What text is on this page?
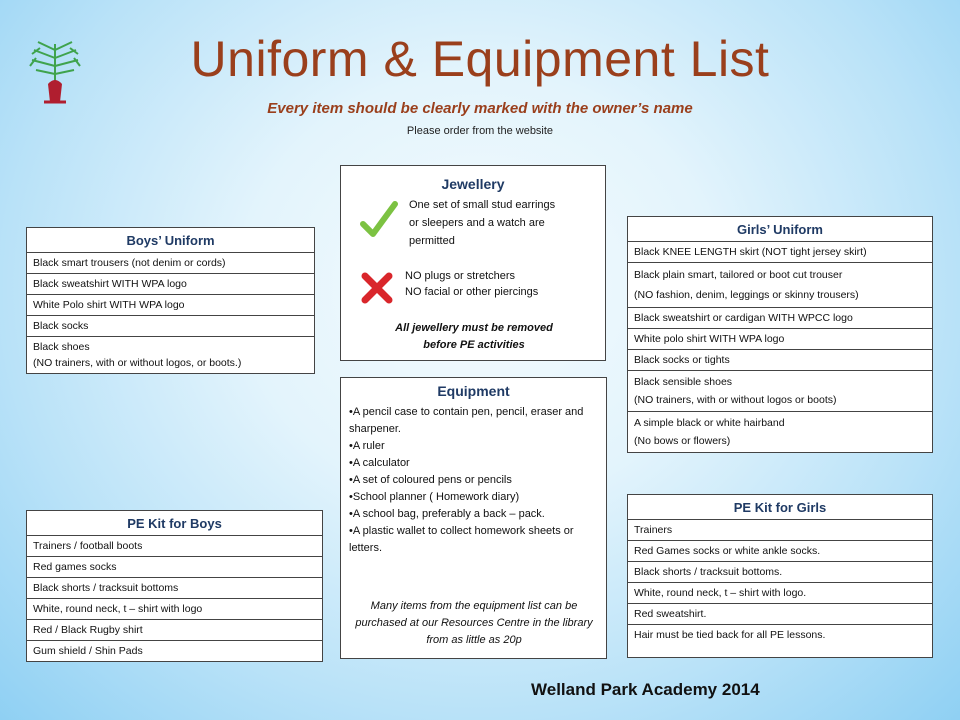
Uniform & Equipment List
Every item should be clearly marked with the owner’s name
Please order from the website
Boys’ Uniform
Black smart trousers (not denim or cords)
Black sweatshirt WITH WPA logo
White Polo shirt WITH WPA logo
Black socks

Black shoes
(NO trainers, with or without logos, or boots.)
Jewellery
One set of small stud earrings
or sleepers and a watch are
permitted
NO plugs or stretchers
NO facial or other piercings
All jewellery must be removed
before PE activities
Girls’ Uniform
Black KNEE LENGTH skirt (NOT tight jersey skirt)

Black plain smart, tailored or boot cut trouser
(NO fashion, denim, leggings or skinny trousers)

Black sweatshirt or cardigan WITH WPCC logo
White polo shirt WITH WPA logo
Black socks or tights

Black sensible shoes
(NO trainers, with or without logos or boots)

A simple black or white hairband
(No bows or flowers)
Equipment
• A pencil case to contain pen, pencil, eraser and sharpener.
• A ruler
• A calculator
• A set of coloured pens or pencils
• School planner ( Homework diary)
• A school bag, preferably a back – pack.
• A plastic wallet to collect homework sheets or letters.
Many items from the equipment list can be purchased at our Resources Centre in the library from as little as 20p
PE Kit for Boys
Trainers / football boots
Red games socks
Black shorts / tracksuit bottoms
White, round neck, t – shirt with logo
Red / Black Rugby shirt
Gum shield / Shin Pads
PE Kit for Girls
Trainers
Red Games socks or white ankle socks.
Black shorts / tracksuit bottoms.
White, round neck, t – shirt with logo.
Red sweatshirt.
Hair must be tied back for all PE lessons.
Welland Park Academy 2014
